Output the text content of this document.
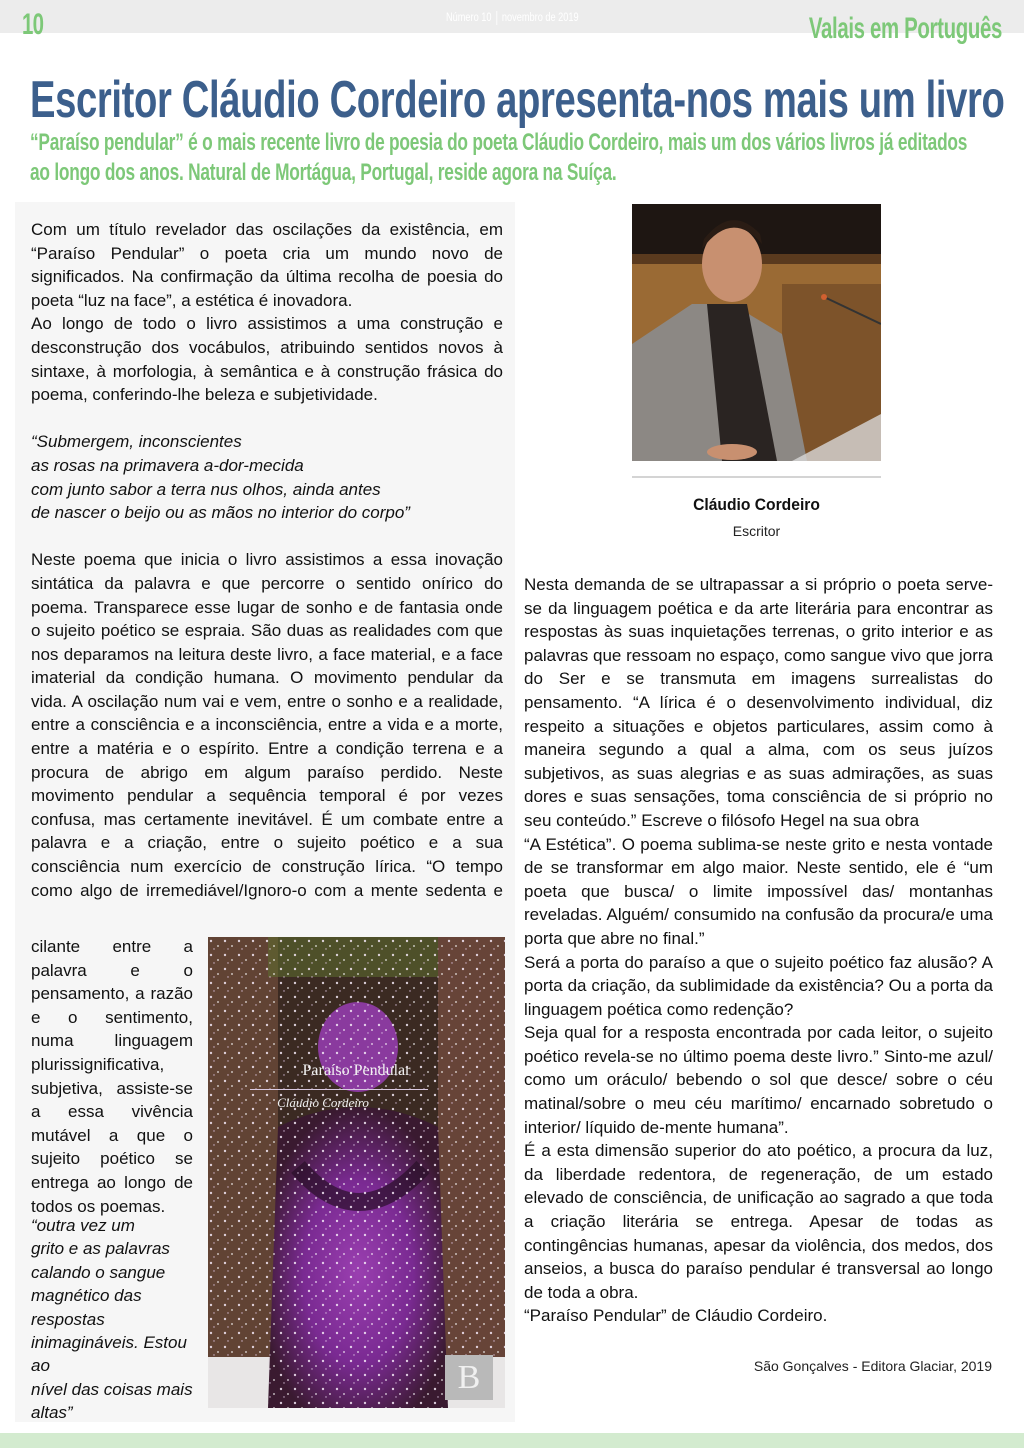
10	Número 10 novembro de 2019	Valais em Português
Escritor Cláudio Cordeiro apresenta-nos mais um livro
“Paraíso pendular” é o mais recente livro de poesia do poeta Cláudio Cordeiro, mais um dos vários livros já editados ao longo dos anos. Natural de Mortágua, Portugal, reside agora na Suíça.

Com um título revelador das oscilações da existência, em “Paraíso Pendular” o poeta cria um mundo novo de significados. Na confirmação da última recolha de poesia do poeta “luz na face”, a estética é inovadora.

Ao longo de todo o livro assistimos a uma construção e desconstrução dos vocábulos, atribuindo sentidos novos à sintaxe, à morfologia, à semântica e à construção frásica do poema, conferindo-lhe beleza e subjetividade.

“Submergem, inconscientes
as rosas na primavera a-dor-mecida
com junto sabor a terra nus olhos, ainda antes
de nascer o beijo ou as mãos no interior do corpo”

Neste poema que inicia o livro assistimos a essa inovação sintática da palavra e que percorre o sentido onírico do poema. Transparece esse lugar de sonho e de fantasia onde o sujeito poético se espraia. São duas as realidades com que nos deparamos na leitura deste livro, a face material, e a face imaterial da condição humana. O movimento pendular da vida. A oscilação num vai e vem, entre o sonho e a realidade, entre a consciência e a inconsciência, entre a vida e a morte, entre a matéria e o espírito. Entre a condição terrena e a procura de abrigo em algum paraíso perdido. Neste movimento pendular a sequência temporal é por vezes confusa, mas certamente inevitável. É um combate entre a palavra e a criação, entre o sujeito poético e a sua consciência num exercício de construção lírica. “O tempo como algo de irremediável/Ignoro-o com a mente sedenta e

cilante entre a palavra e o pensamento, a razão e o sentimento, numa linguagem plurissignificativa, subjetiva, assiste-se a essa vivência mutável a que o sujeito poético se entrega ao longo de todos os poemas.

“outra vez um
grito e as palavras
calando o sangue
magnético das
respostas
inimagináveis. Estou ao
nível das coisas mais
altas”
Paraíso Pendular
Cláudio Cordeiro
B
Cláudio Cordeiro
Escritor

Nesta demanda de se ultrapassar a si próprio o poeta serve-se da linguagem poética e da arte literária para encontrar as respostas às suas inquietações terrenas, o grito interior e as palavras que ressoam no espaço, como sangue vivo que jorra do Ser e se transmuta em imagens surrealistas do pensamento. “A lírica é o desenvolvimento individual, diz respeito a situações e objetos particulares, assim como à maneira segundo a qual a alma, com os seus juízos subjetivos, as suas alegrias e as suas admirações, as suas dores e suas sensações, toma consciência de si próprio no seu conteúdo.” Escreve o filósofo Hegel na sua obra

“A Estética”. O poema sublima-se neste grito e nesta vontade de se transformar em algo maior. Neste sentido, ele é “um poeta que busca/ o limite impossível das/ montanhas reveladas. Alguém/ consumido na confusão da procura/e uma porta que abre no final.”

Será a porta do paraíso a que o sujeito poético faz alusão? A porta da criação, da sublimidade da existência? Ou a porta da linguagem poética como redenção?

Seja qual for a resposta encontrada por cada leitor, o sujeito poético revela-se no último poema deste livro.” Sinto-me azul/ como um oráculo/ bebendo o sol que desce/ sobre o céu matinal/sobre o meu céu marítimo/ encarnado sobretudo o interior/ líquido de-mente humana”.

É a esta dimensão superior do ato poético, a procura da luz, da liberdade redentora, de regeneração, de um estado elevado de consciência, de unificação ao sagrado a que toda a criação literária se entrega. Apesar de todas as contingências humanas, apesar da violência, dos medos, dos anseios, a busca do paraíso pendular é transversal ao longo de toda a obra.

“Paraíso Pendular” de Cláudio Cordeiro.

São Gonçalves - Editora Glaciar, 2019
